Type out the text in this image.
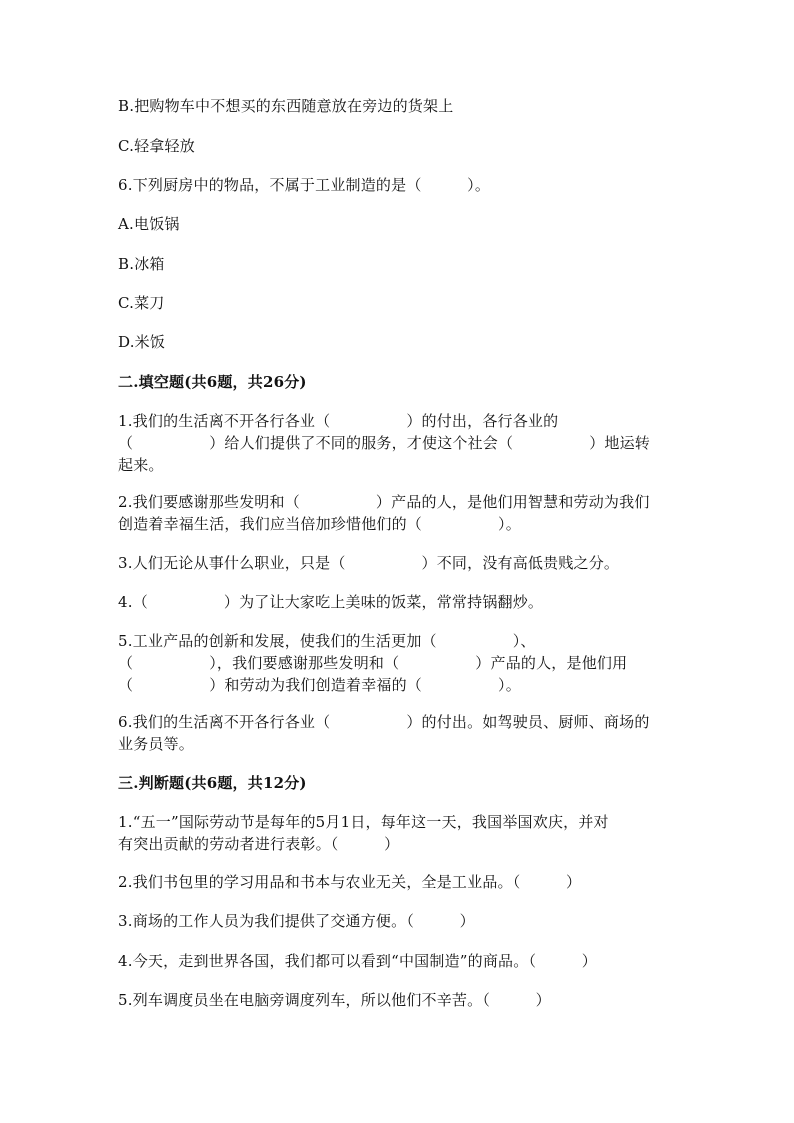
B.把购物车中不想买的东西随意放在旁边的货架上
C.轻拿轻放
6.下列厨房中的物品，不属于工业制造的是（　　　）。
A.电饭锅
B.冰箱
C.菜刀
D.米饭
二.填空题(共6题，共26分)
1.我们的生活离不开各行各业（　　　　　）的付出，各行各业的
（　　　　　）给人们提供了不同的服务，才使这个社会（　　　　　）地运转
起来。
2.我们要感谢那些发明和（　　　　　）产品的人，是他们用智慧和劳动为我们
创造着幸福生活，我们应当倍加珍惜他们的（　　　　　）。
3.人们无论从事什么职业，只是（　　　　　）不同，没有高低贵贱之分。
4.（　　　　　）为了让大家吃上美味的饭菜，常常持锅翻炒。
5.工业产品的创新和发展，使我们的生活更加（　　　　　）、
（　　　　　），我们要感谢那些发明和（　　　　　）产品的人，是他们用
（　　　　　）和劳动为我们创造着幸福的（　　　　　）。
6.我们的生活离不开各行各业（　　　　　）的付出。如驾驶员、厨师、商场的
业务员等。
三.判断题(共6题，共12分)
1.“五一”国际劳动节是每年的5月1日，每年这一天，我国举国欢庆，并对
有突出贡献的劳动者进行表彰。（　　　）
2.我们书包里的学习用品和书本与农业无关，全是工业品。（　　　）
3.商场的工作人员为我们提供了交通方便。（　　　）
4.今天，走到世界各国，我们都可以看到“中国制造”的商品。（　　　）
5.列车调度员坐在电脑旁调度列车，所以他们不辛苦。（　　　）
